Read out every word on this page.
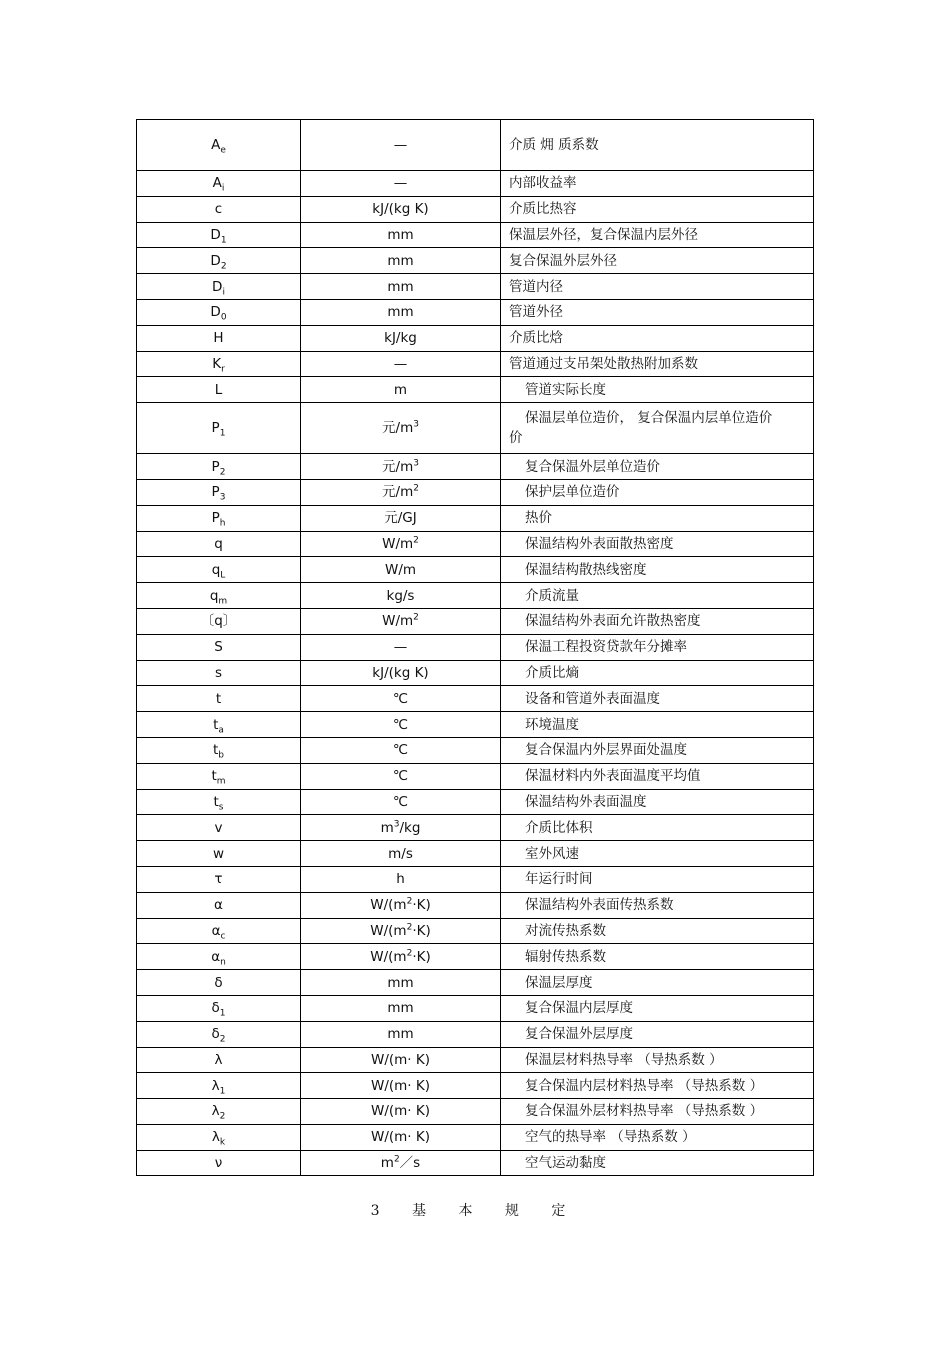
$A_e$	—	介质 㶲 质系数

$A_i$	—	内部收益率

c	kJ/(kg K)	介质比热容

$D_1$	mm	保温层外径，复合保温内层外径

$D_2$	mm	复合保温外层外径

$D_i$	mm	管道内径

$D_0$	mm	管道外径

H	kJ/kg	介质比焓

$K_r$	—	管道通过支吊架处散热附加系数

L	m	管道实际长度

$P_1$	元$/m^3$	保温层单位造价， 复合保温内层单位造价
价

$P_2$	元$/m^3$	复合保温外层单位造价

$P_3$	元$/m^2$	保护层单位造价

$P_h$	元/GJ	热价

q	$W/m^2$	保温结构外表面散热密度

$q_L$	W/m	保温结构散热线密度

$q_m$	kg/s	介质流量

〔q〕	$W/m^2$	保温结构外表面允许散热密度

S	—	保温工程投资贷款年分摊率

s	kJ/(kg K)	介质比熵

t	℃	设备和管道外表面温度

$t_a$	℃	环境温度

$t_b$	℃	复合保温内外层界面处温度

$t_m$	℃	保温材料内外表面温度平均值

$t_s$	℃	保温结构外表面温度

v	$m^3/kg$	介质比体积

w	m/s	室外风速

τ	h	年运行时间

α	$W/(m^2\cdot K)$	保温结构外表面传热系数

$\alpha_c$	$W/(m^2\cdot K)$	对流传热系数

$\alpha_n$	$W/(m^2\cdot K)$	辐射传热系数

δ	mm	保温层厚度

$\delta_1$	mm	复合保温内层厚度

$\delta_2$	mm	复合保温外层厚度

λ	W/(m· K)	保温层材料热导率 （导热系数 ）

$\lambda_1$	W/(m· K)	复合保温内层材料热导率 （导热系数 ）

$\lambda_2$	W/(m· K)	复合保温外层材料热导率 （导热系数 ）

$\lambda_k$	W/(m· K)	空气的热导率 （导热系数 ）

ν	$m^2/s$	空气运动黏度
3 基 本 规 定
